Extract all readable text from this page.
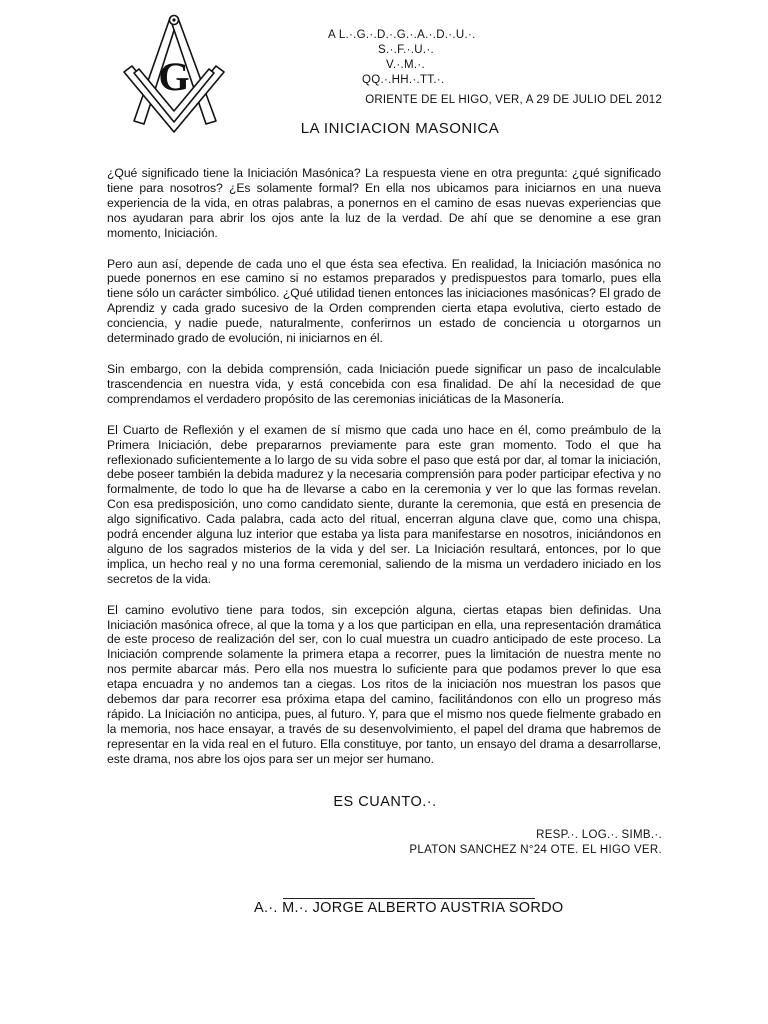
G
A L.·.G.·.D.·.G.·.A.·.D.·.U.·.
S.·.F.·.U.·.
V.·.M.·.
QQ.·.HH.·.TT.·.
ORIENTE DE EL HIGO, VER, A 29 DE JULIO DEL 2012
LA INICIACION MASONICA

¿Qué significado tiene la Iniciación Masónica? La respuesta viene en otra pregunta: ¿qué significado tiene para nosotros? ¿Es solamente formal? En ella nos ubicamos para iniciarnos en una nueva experiencia de la vida, en otras palabras, a ponernos en el camino de esas nuevas experiencias que nos ayudaran para abrir los ojos ante la luz de la verdad. De ahí que se denomine a ese gran momento, Iniciación.

Pero aun así, depende de cada uno el que ésta sea efectiva. En realidad, la Iniciación masónica no puede ponernos en ese camino si no estamos preparados y predispuestos para tomarlo, pues ella tiene sólo un carácter simbólico. ¿Qué utilidad tienen entonces las iniciaciones masónicas? El grado de Aprendiz y cada grado sucesivo de la Orden comprenden cierta etapa evolutiva, cierto estado de conciencia, y nadie puede, naturalmente, conferirnos un estado de conciencia u otorgarnos un determinado grado de evolución, ni iniciarnos en él.

Sin embargo, con la debida comprensión, cada Iniciación puede significar un paso de incalculable trascendencia en nuestra vida, y está concebida con esa finalidad. De ahí la necesidad de que comprendamos el verdadero propósito de las ceremonias iniciáticas de la Masonería.

El Cuarto de Reflexión y el examen de sí mismo que cada uno hace en él, como preámbulo de la Primera Iniciación, debe prepararnos previamente para este gran momento. Todo el que ha reflexionado suficientemente a lo largo de su vida sobre el paso que está por dar, al tomar la iniciación, debe poseer también la debida madurez y la necesaria comprensión para poder participar efectiva y no formalmente, de todo lo que ha de llevarse a cabo en la ceremonia y ver lo que las formas revelan. Con esa predisposición, uno como candidato siente, durante la ceremonia, que está en presencia de algo significativo. Cada palabra, cada acto del ritual, encerran alguna clave que, como una chispa, podrá encender alguna luz interior que estaba ya lista para manifestarse en nosotros, iniciándonos en alguno de los sagrados misterios de la vida y del ser. La Iniciación resultará, entonces, por lo que implica, un hecho real y no una forma ceremonial, saliendo de la misma un verdadero iniciado en los secretos de la vida.

El camino evolutivo tiene para todos, sin excepción alguna, ciertas etapas bien definidas. Una Iniciación masónica ofrece, al que la toma y a los que participan en ella, una representación dramática de este proceso de realización del ser, con lo cual muestra un cuadro anticipado de este proceso. La Iniciación comprende solamente la primera etapa a recorrer, pues la limitación de nuestra mente no nos permite abarcar más. Pero ella nos muestra lo suficiente para que podamos prever lo que esa etapa encuadra y no andemos tan a ciegas. Los ritos de la iniciación nos muestran los pasos que debemos dar para recorrer esa próxima etapa del camino, facilitándonos con ello un progreso más rápido. La Iniciación no anticipa, pues, al futuro. Y, para que el mismo nos quede fielmente grabado en la memoria, nos hace ensayar, a través de su desenvolvimiento, el papel del drama que habremos de representar en la vida real en el futuro. Ella constituye, por tanto, un ensayo del drama a desarrollarse, este drama, nos abre los ojos para ser un mejor ser humano.

ES CUANTO.·.
RESP.·. LOG.·. SIMB.·.
PLATON SANCHEZ N°24 OTE. EL HIGO VER.
A.·. M.·. JORGE ALBERTO AUSTRIA SORDO
